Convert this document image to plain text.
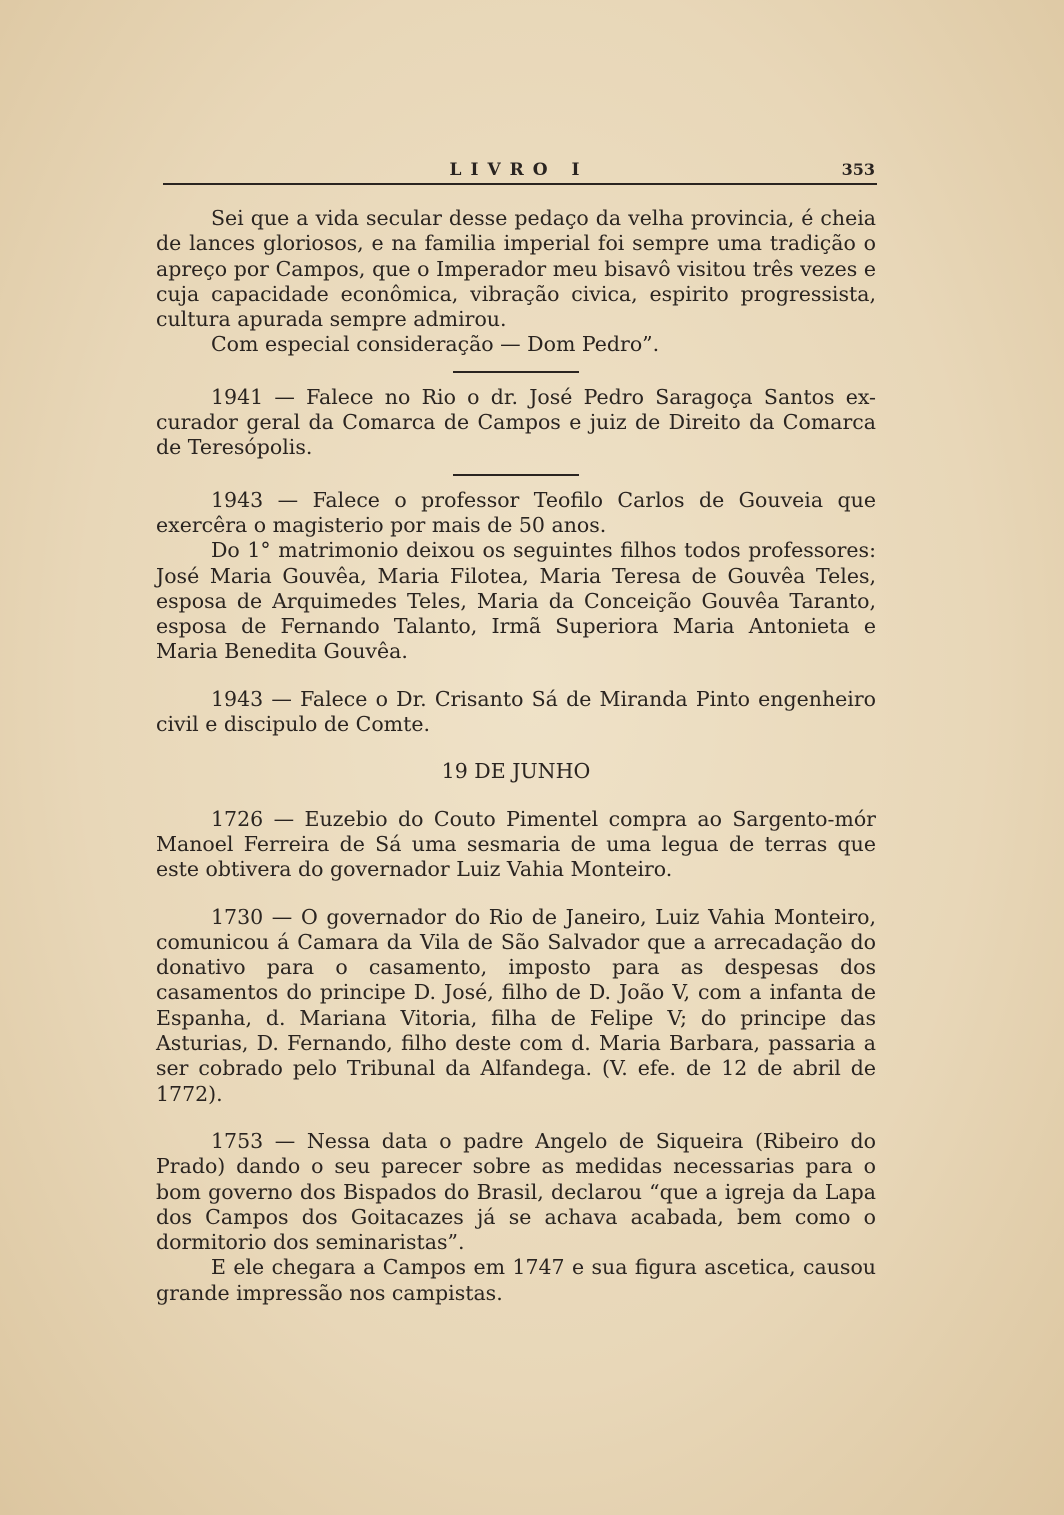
LIVRO I	353

Sei que a vida secular desse pedaço da velha provincia, é cheia de lances gloriosos, e na familia imperial foi sempre uma tradição o apreço por Campos, que o Imperador meu bisavô visitou três vezes e cuja capacidade econômica, vibração civica, espirito progressista, cultura apurada sempre admirou.

Com especial consideração — Dom Pedro”.

1941 — Falece no Rio o dr. José Pedro Saragoça Santos ex-curador geral da Comarca de Campos e juiz de Direito da Comarca de Teresópolis.

1943 — Falece o professor Teofilo Carlos de Gouveia que exercêra o magisterio por mais de 50 anos.

Do 1° matrimonio deixou os seguintes filhos todos professores: José Maria Gouvêa, Maria Filotea, Maria Teresa de Gouvêa Teles, esposa de Arquimedes Teles, Maria da Conceição Gouvêa Taranto, esposa de Fernando Talanto, Irmã Superiora Maria Antonieta e Maria Benedita Gouvêa.

1943 — Falece o Dr. Crisanto Sá de Miranda Pinto engenheiro civil e discipulo de Comte.

19 DE JUNHO

1726 — Euzebio do Couto Pimentel compra ao Sargento-mór Manoel Ferreira de Sá uma sesmaria de uma legua de terras que este obtivera do governador Luiz Vahia Monteiro.

1730 — O governador do Rio de Janeiro, Luiz Vahia Monteiro, comunicou á Camara da Vila de São Salvador que a arrecadação do donativo para o casamento, imposto para as despesas dos casamentos do principe D. José, filho de D. João V, com a infanta de Espanha, d. Mariana Vitoria, filha de Felipe V; do principe das Asturias, D. Fernando, filho deste com d. Maria Barbara, passaria a ser cobrado pelo Tribunal da Alfandega. (V. efe. de 12 de abril de 1772).

1753 — Nessa data o padre Angelo de Siqueira (Ribeiro do Prado) dando o seu parecer sobre as medidas necessarias para o bom governo dos Bispados do Brasil, declarou “que a igreja da Lapa dos Campos dos Goitacazes já se achava acabada, bem como o dormitorio dos seminaristas”.

E ele chegara a Campos em 1747 e sua figura ascetica, causou grande impressão nos campistas.
